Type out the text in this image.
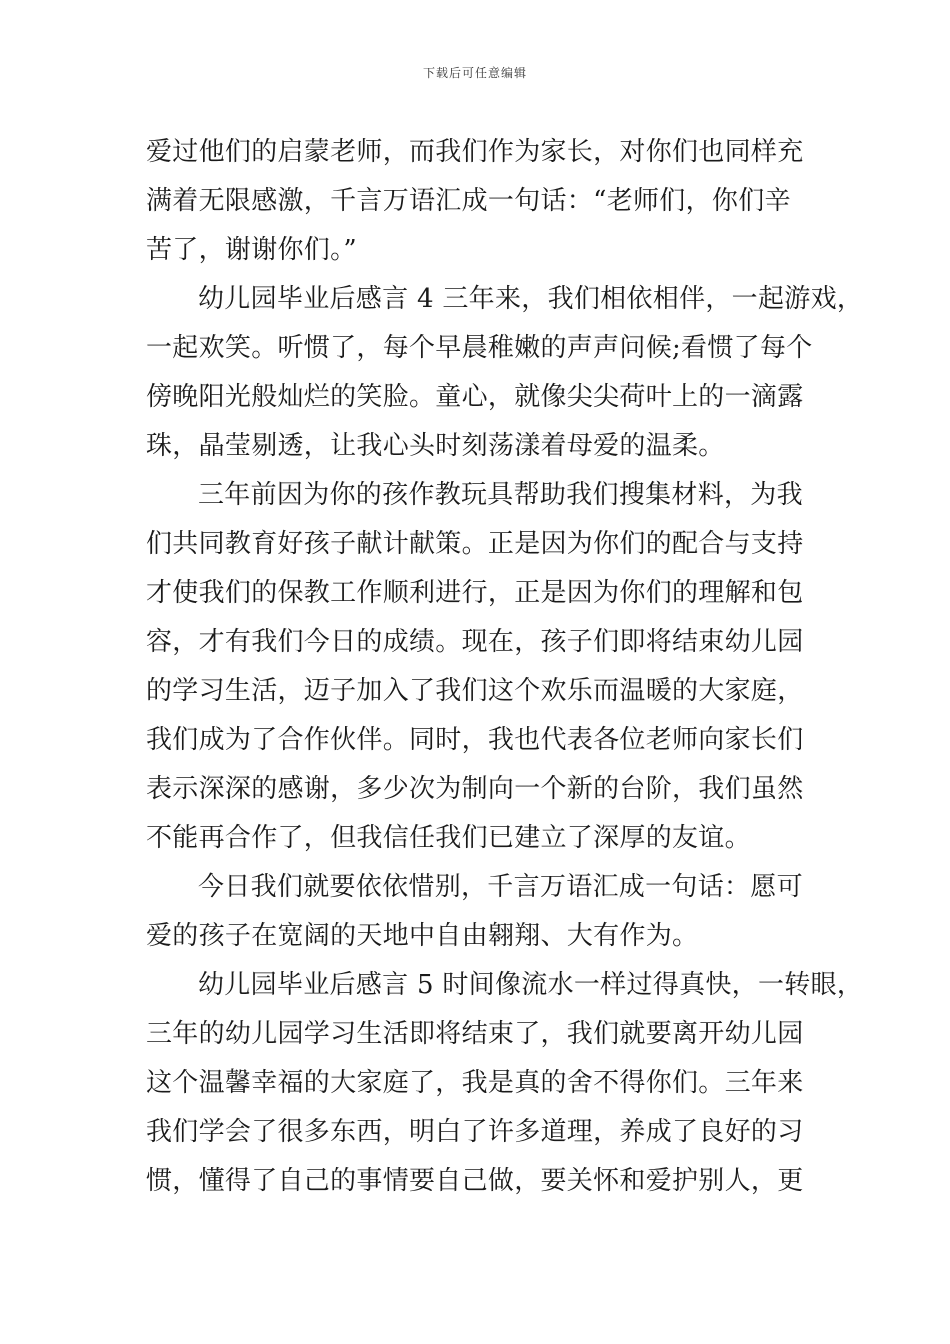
下载后可任意编辑
爱过他们的启蒙老师，而我们作为家长，对你们也同样充
满着无限感激，千言万语汇成一句话：“老师们，你们辛
苦了，谢谢你们。”
幼儿园毕业后感言 4 三年来，我们相依相伴，一起游戏，
一起欢笑。听惯了，每个早晨稚嫩的声声问候;看惯了每个
傍晚阳光般灿烂的笑脸。童心，就像尖尖荷叶上的一滴露
珠，晶莹剔透，让我心头时刻荡漾着母爱的温柔。
三年前因为你的孩作教玩具帮助我们搜集材料，为我
们共同教育好孩子献计献策。正是因为你们的配合与支持
才使我们的保教工作顺利进行，正是因为你们的理解和包
容，才有我们今日的成绩。现在，孩子们即将结束幼儿园
的学习生活，迈子加入了我们这个欢乐而温暖的大家庭，
我们成为了合作伙伴。同时，我也代表各位老师向家长们
表示深深的感谢，多少次为制向一个新的台阶，我们虽然
不能再合作了，但我信任我们已建立了深厚的友谊。
今日我们就要依依惜别，千言万语汇成一句话：愿可
爱的孩子在宽阔的天地中自由翱翔、大有作为。
幼儿园毕业后感言 5 时间像流水一样过得真快，一转眼，
三年的幼儿园学习生活即将结束了，我们就要离开幼儿园
这个温馨幸福的大家庭了，我是真的舍不得你们。三年来
我们学会了很多东西，明白了许多道理，养成了良好的习
惯，懂得了自己的事情要自己做，要关怀和爱护别人，更
